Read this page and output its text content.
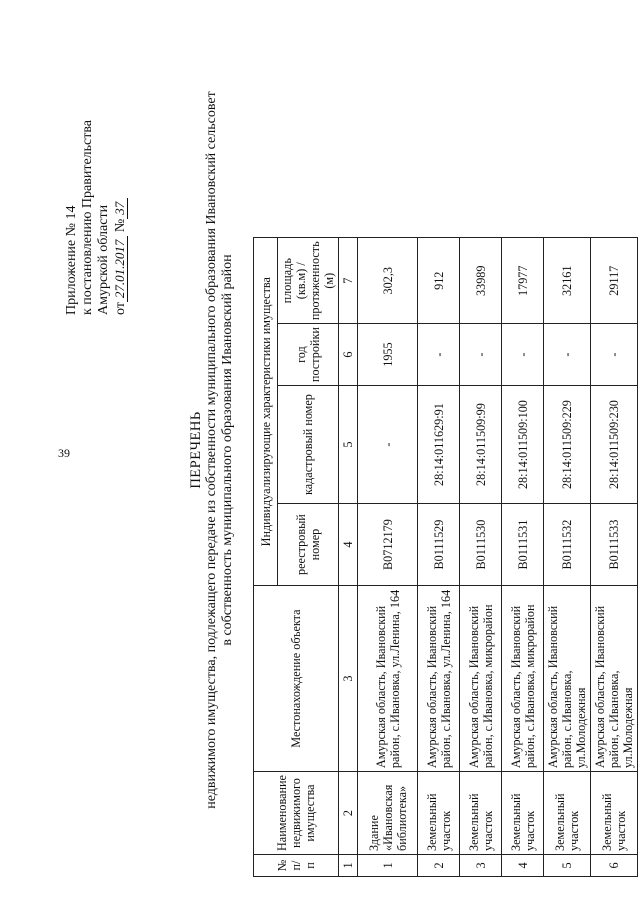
39
Приложение № 14 к постановлению Правительства Амурской области от27.01.2017 №37
ПЕРЕЧЕНЬ недвижимого имущества, подлежащего передаче из собственности муниципального образования Ивановский сельсовет в собственность муниципального образования Ивановский район
№ п/п	Наименование недвижимого имущества	Местонахождение объекта	Индивидуализирующие характеристики имущества			
			реестровый номер	кадастровый номер	год постройки	площадь (кв.м) / протяженность (м)
1	2	3	4	5	6	7
1	Здание «Ивановская библиотека»	Амурская область, Ивановский район, с.Ивановка, ул.Ленина, 164	В0712179	-	1955	302,3
2	Земельный участок	Амурская область, Ивановский район, с.Ивановка, ул.Ленина, 164	В0111529	28:14:011629:91	-	912
3	Земельный участок	Амурская область, Ивановский район, с.Ивановка, микрорайон	В0111530	28:14:011509:99	-	33989
4	Земельный участок	Амурская область, Ивановский район, с.Ивановка, микрорайон	В0111531	28:14:011509:100	-	17977
5	Земельный участок	Амурская область, Ивановский район, с.Ивановка, ул.Молодежная	В0111532	28:14:011509:229	-	32161
6	Земельный участок	Амурская область, Ивановский район, с.Ивановка, ул.Молодежная	В0111533	28:14:011509:230	-	29117
